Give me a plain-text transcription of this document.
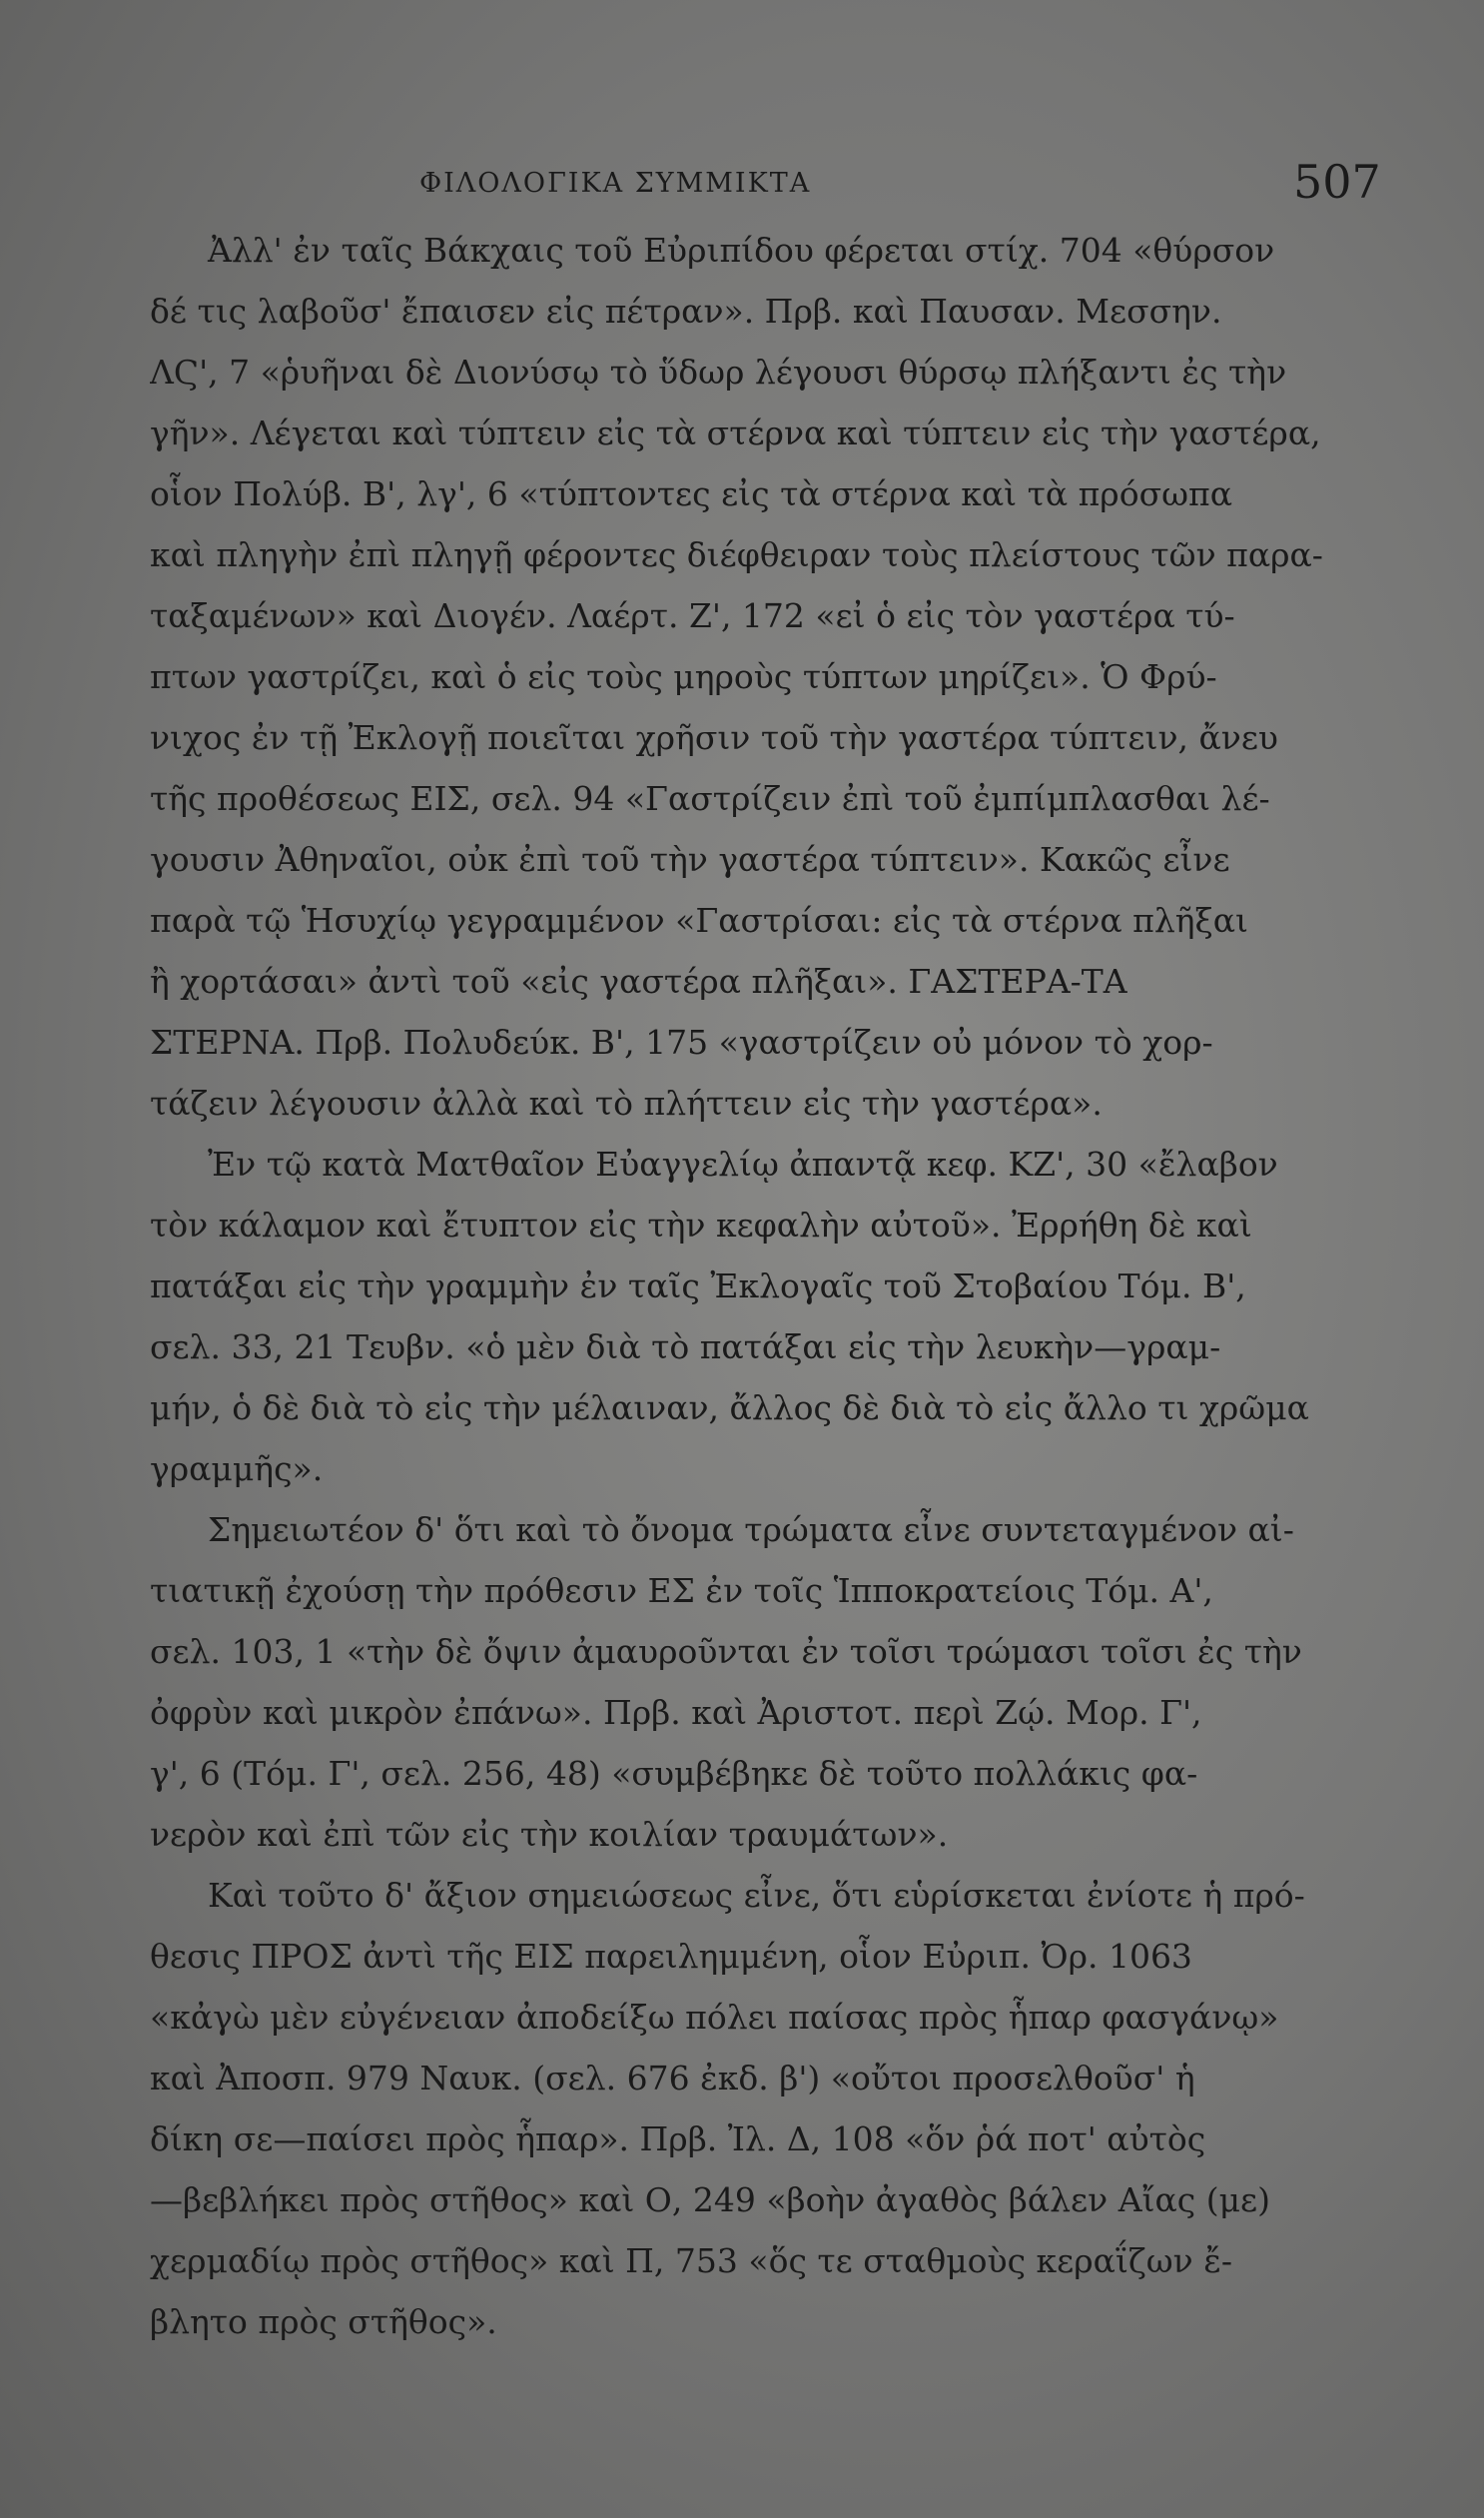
ΦΙΛΟΛΟΓΙΚΑ ΣΥΜΜΙΚΤΑ	507
Ἀλλ' ἐν ταῖς Βάκχαις τοῦ Εὐριπίδου φέρεται στίχ. 704 «θύρσον
δέ τις λαβοῦσ' ἔπαισεν εἰς πέτραν». Πρβ. καὶ Παυσαν. Μεσσην.
ΛϚ', 7 «ῥυῆναι δὲ Διονύσῳ τὸ ὕδωρ λέγουσι θύρσῳ πλήξαντι ἐς τὴν
γῆν». Λέγεται καὶ τύπτειν εἰς τὰ στέρνα καὶ τύπτειν εἰς τὴν γαστέρα,
οἷον Πολύβ. Β', λγ', 6 «τύπτοντες εἰς τὰ στέρνα καὶ τὰ πρόσωπα
καὶ πληγὴν ἐπὶ πληγῇ φέροντες διέφθειραν τοὺς πλείστους τῶν παρα-
ταξαμένων» καὶ Διογέν. Λαέρτ. Ζ', 172 «εἰ ὁ εἰς τὸν γαστέρα τύ-
πτων γαστρίζει, καὶ ὁ εἰς τοὺς μηροὺς τύπτων μηρίζει». Ὁ Φρύ-
νιχος ἐν τῇ Ἐκλογῇ ποιεῖται χρῆσιν τοῦ τὴν γαστέρα τύπτειν, ἄνευ
τῆς προθέσεως ΕΙΣ, σελ. 94 «Γαστρίζειν ἐπὶ τοῦ ἐμπίμπλασθαι λέ-
γουσιν Ἀθηναῖοι, οὐκ ἐπὶ τοῦ τὴν γαστέρα τύπτειν». Κακῶς εἶνε
παρὰ τῷ Ἡσυχίῳ γεγραμμένον «Γαστρίσαι: εἰς τὰ στέρνα πλῆξαι
ἢ χορτάσαι» ἀντὶ τοῦ «εἰς γαστέρα πλῆξαι». ΓΑΣΤΕΡΑ-ΤΑ
ΣΤΕΡΝΑ. Πρβ. Πολυδεύκ. Β', 175 «γαστρίζειν οὐ μόνον τὸ χορ-
τάζειν λέγουσιν ἀλλὰ καὶ τὸ πλήττειν εἰς τὴν γαστέρα».
Ἐν τῷ κατὰ Ματθαῖον Εὐαγγελίῳ ἀπαντᾷ κεφ. ΚΖ', 30 «ἔλαβον
τὸν κάλαμον καὶ ἔτυπτον εἰς τὴν κεφαλὴν αὐτοῦ». Ἐρρήθη δὲ καὶ
πατάξαι εἰς τὴν γραμμὴν ἐν ταῖς Ἐκλογαῖς τοῦ Στοβαίου Τόμ. Β',
σελ. 33, 21 Τευβν. «ὁ μὲν διὰ τὸ πατάξαι εἰς τὴν λευκὴν—γραμ-
μήν, ὁ δὲ διὰ τὸ εἰς τὴν μέλαιναν, ἄλλος δὲ διὰ τὸ εἰς ἄλλο τι χρῶμα
γραμμῆς».
Σημειωτέον δ' ὅτι καὶ τὸ ὄνομα τρώματα εἶνε συντεταγμένον αἰ-
τιατικῇ ἐχούσῃ τὴν πρόθεσιν ΕΣ ἐν τοῖς Ἱπποκρατείοις Τόμ. Α',
σελ. 103, 1 «τὴν δὲ ὄψιν ἀμαυροῦνται ἐν τοῖσι τρώμασι τοῖσι ἐς τὴν
ὀφρὺν καὶ μικρὸν ἐπάνω». Πρβ. καὶ Ἀριστοτ. περὶ Ζῴ. Μορ. Γ',
γ', 6 (Τόμ. Γ', σελ. 256, 48) «συμβέβηκε δὲ τοῦτο πολλάκις φα-
νερὸν καὶ ἐπὶ τῶν εἰς τὴν κοιλίαν τραυμάτων».
Καὶ τοῦτο δ' ἄξιον σημειώσεως εἶνε, ὅτι εὑρίσκεται ἐνίοτε ἡ πρό-
θεσις ΠΡΟΣ ἀντὶ τῆς ΕΙΣ παρειλημμένη, οἷον Εὐριπ. Ὀρ. 1063
«κἀγὼ μὲν εὐγένειαν ἀποδείξω πόλει παίσας πρὸς ἧπαρ φασγάνῳ»
καὶ Ἀποσπ. 979 Ναυκ. (σελ. 676 ἐκδ. β') «οὔτοι προσελθοῦσ' ἡ
δίκη σε—παίσει πρὸς ἧπαρ». Πρβ. Ἰλ. Δ, 108 «ὅν ῥά ποτ' αὐτὸς
—βεβλήκει πρὸς στῆθος» καὶ Ο, 249 «βοὴν ἀγαθὸς βάλεν Αἴας (με)
χερμαδίῳ πρὸς στῆθος» καὶ Π, 753 «ὅς τε σταθμοὺς κεραΐζων ἔ-
βλητο πρὸς στῆθος».
